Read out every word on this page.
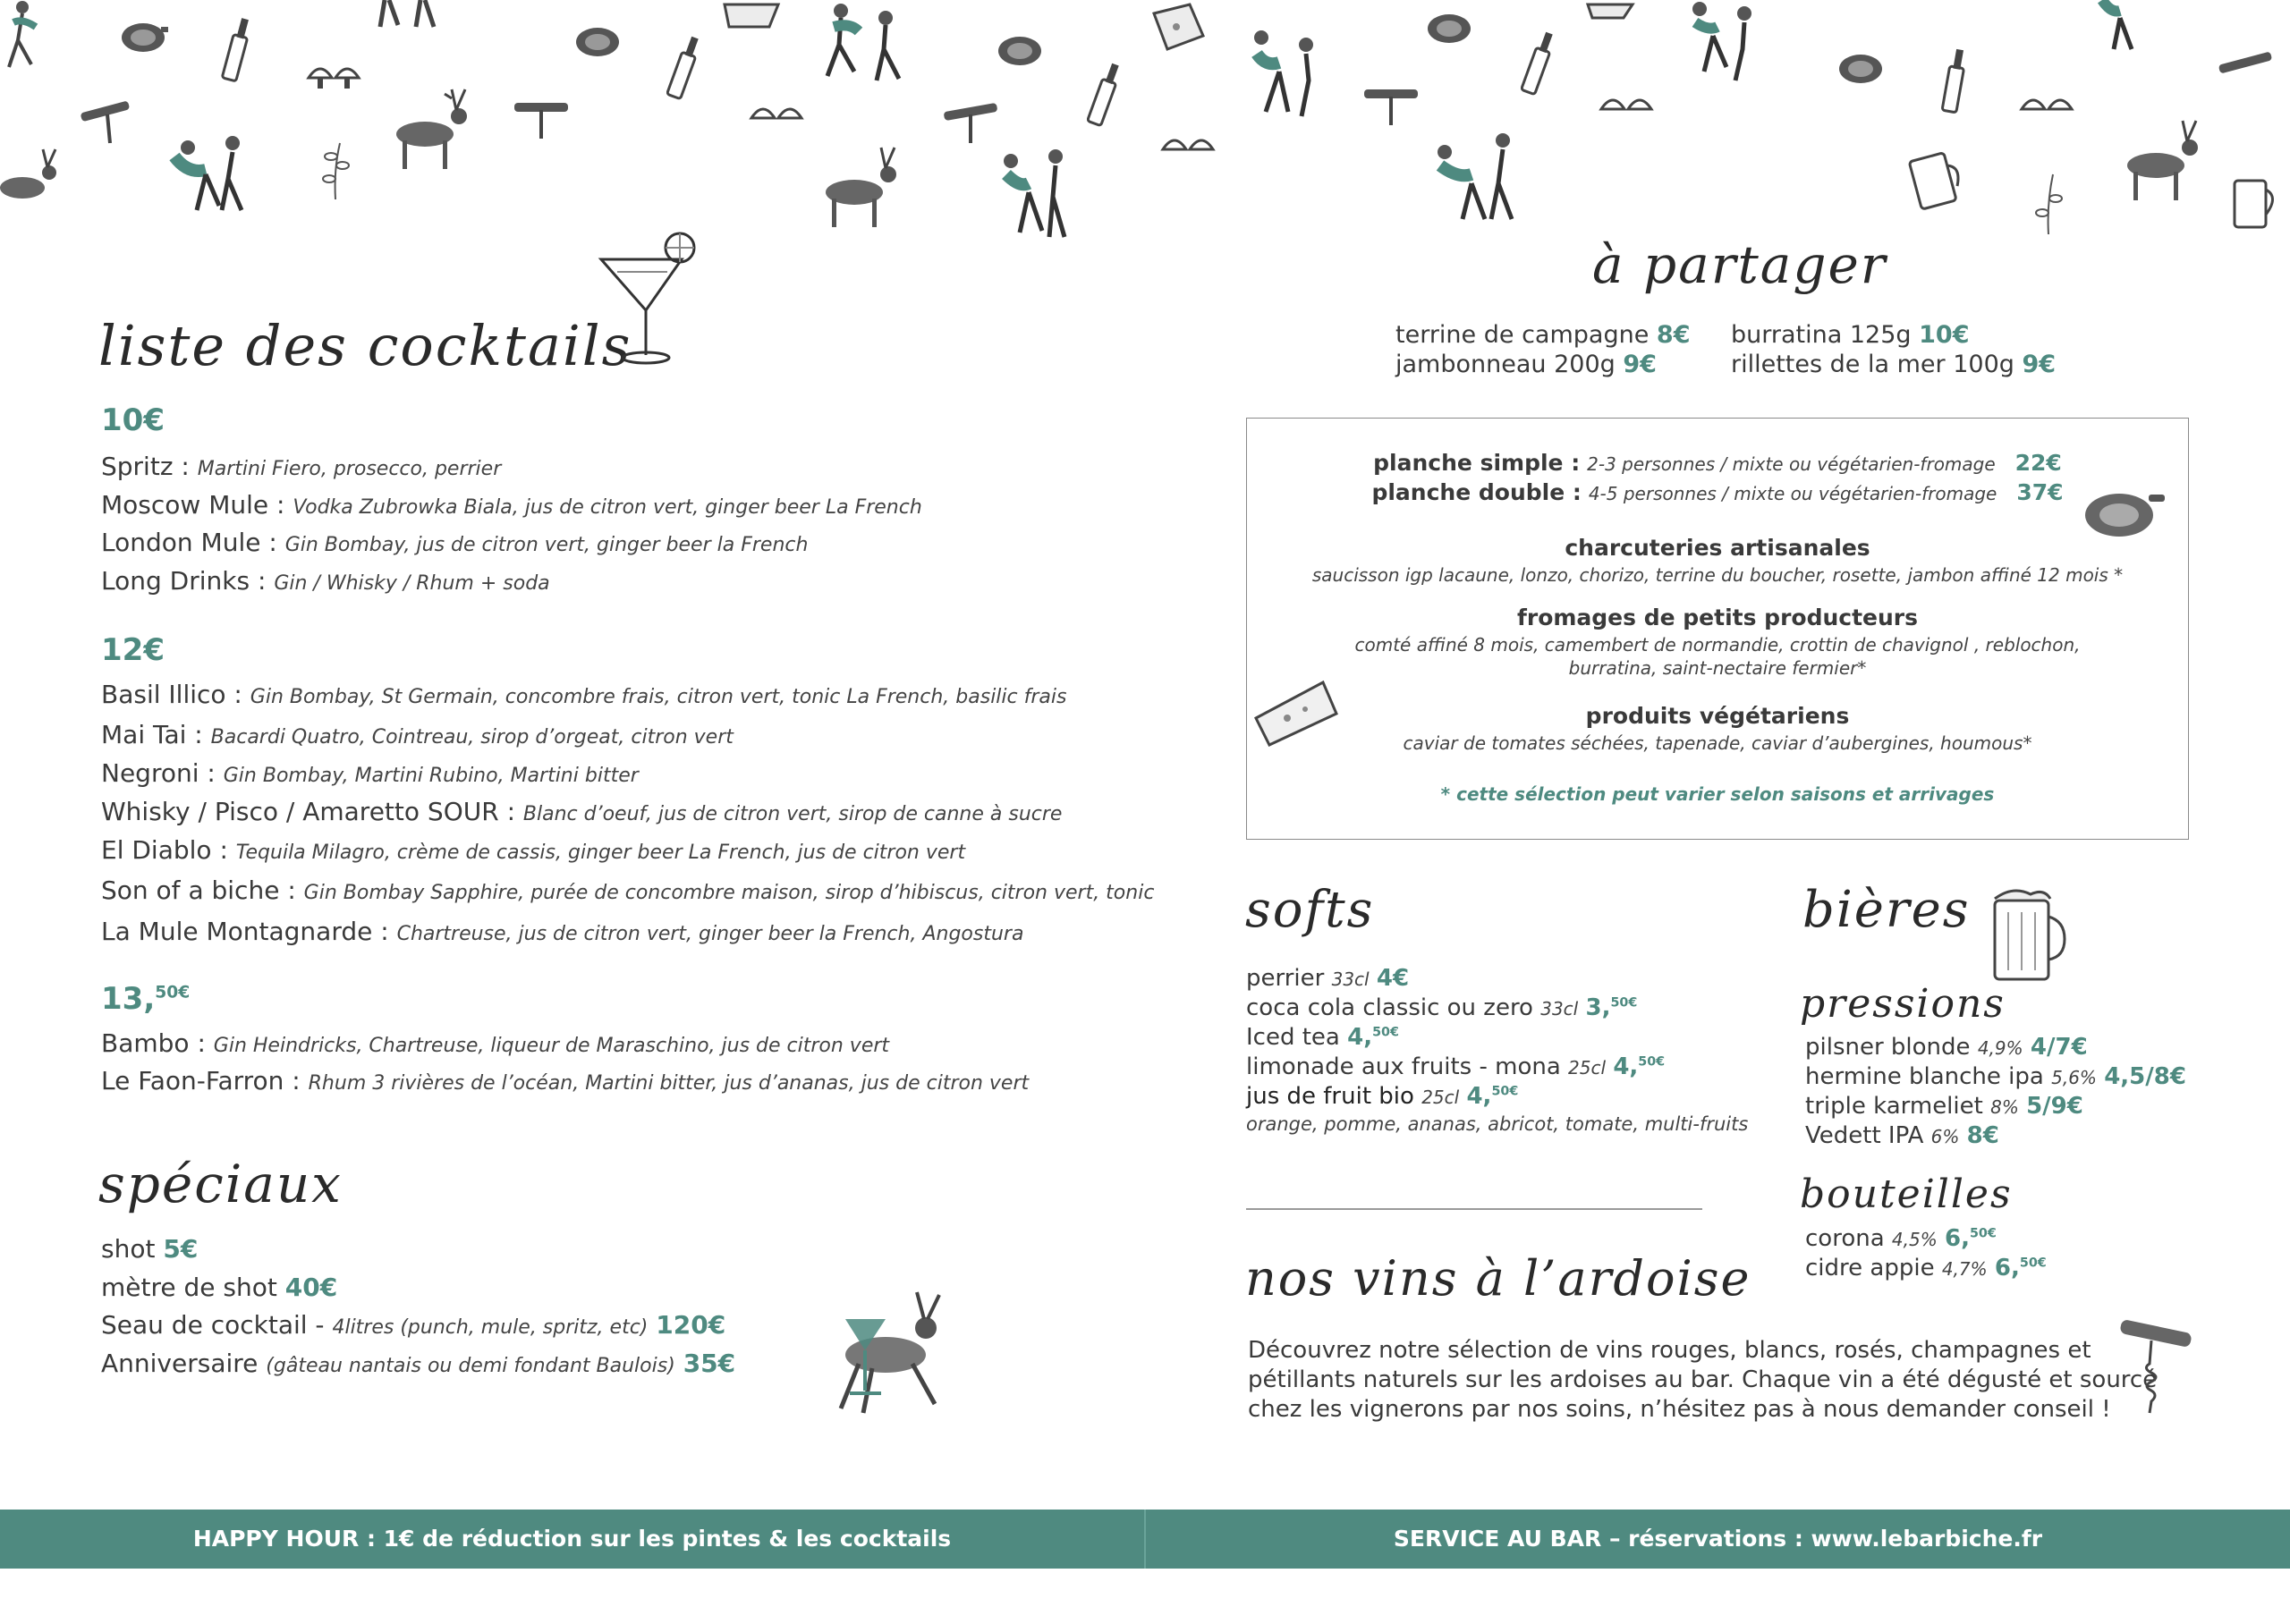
liste des cocktails
10€
Spritz : Martini Fiero, prosecco, perrier
Moscow Mule : Vodka Zubrowka Biala, jus de citron vert, ginger beer La French
London Mule : Gin Bombay, jus de citron vert, ginger beer la French
Long Drinks : Gin / Whisky / Rhum + soda
12€
Basil Illico : Gin Bombay, St Germain, concombre frais, citron vert, tonic La French, basilic frais
Mai Tai : Bacardi Quatro, Cointreau, sirop d’orgeat, citron vert
Negroni : Gin Bombay, Martini Rubino, Martini bitter
Whisky / Pisco / Amaretto SOUR : Blanc d’oeuf, jus de citron vert, sirop de canne à sucre
El Diablo : Tequila Milagro, crème de cassis, ginger beer La French, jus de citron vert
Son of a biche : Gin Bombay Sapphire, purée de concombre maison, sirop d’hibiscus, citron vert, tonic
La Mule Montagnarde : Chartreuse, jus de citron vert, ginger beer la French, Angostura
13,$^{50€}$
Bambo : Gin Heindricks, Chartreuse, liqueur de Maraschino, jus de citron vert
Le Faon-Farron : Rhum 3 rivières de l’océan, Martini bitter, jus d’ananas, jus de citron vert
spéciaux
shot 5€
mètre de shot 40€
Seau de cocktail - 4litres (punch, mule, spritz, etc) 120€
Anniversaire (gâteau nantais ou demi fondant Baulois) 35€
à partager
terrine de campagne 8€ burratina 125g 10€
jambonneau 200g 9€	rillettes de la mer 100g 9€
planche simple : 2-3 personnes / mixte ou végétarien-fromage 22€
planche double : 4-5 personnes / mixte ou végétarien-fromage 37€
charcuteries artisanales
saucisson igp lacaune, lonzo, chorizo, terrine du boucher, rosette, jambon affiné 12 mois *
fromages de petits producteurs
comté affiné 8 mois, camembert de normandie, crottin de chavignol , reblochon,
burratina, saint-nectaire fermier*
produits végétariens
caviar de tomates séchées, tapenade, caviar d’aubergines, houmous*
* cette sélection peut varier selon saisons et arrivages
softs
perrier 33cl 4€
coca cola classic ou zero 33cl 3,$^{50€}$
Iced tea 4,$^{50€}$
limonade aux fruits - mona 25cl 4,$^{50€}$
jus de fruit bio 25cl 4,$^{50€}$
orange, pomme, ananas, abricot, tomate, multi-fruits
bières
pressions
pilsner blonde 4,9% 4/7€
hermine blanche ipa 5,6% 4,5/8€
triple karmeliet 8% 5/9€
Vedett IPA 6% 8€
bouteilles
corona 4,5% 6,$^{50€}$
cidre appie 4,7% 6,$^{50€}$
nos vins à l’ardoise
Découvrez notre sélection de vins rouges, blancs, rosés, champagnes et
pétillants naturels sur les ardoises au bar. Chaque vin a été dégusté et sourcé
chez les vignerons par nos soins, n’hésitez pas à nous demander conseil !
HAPPY HOUR : 1€ de réduction sur les pintes & les cocktails	SERVICE AU BAR – réservations : www.lebarbiche.fr
